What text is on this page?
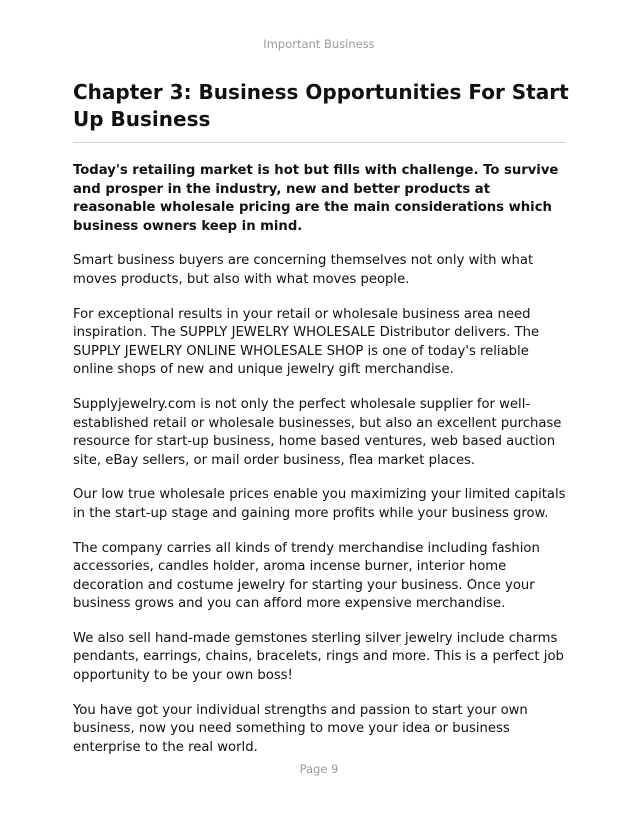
Important Business
Chapter 3: Business Opportunities For Start Up Business

Today's retailing market is hot but fills with challenge. To survive and prosper in the industry, new and better products at reasonable wholesale pricing are the main considerations which business owners keep in mind.

Smart business buyers are concerning themselves not only with what moves products, but also with what moves people.

For exceptional results in your retail or wholesale business area need inspiration. The SUPPLY JEWELRY WHOLESALE Distributor delivers. The SUPPLY JEWELRY ONLINE WHOLESALE SHOP is one of today's reliable online shops of new and unique jewelry gift merchandise.

Supplyjewelry.com is not only the perfect wholesale supplier for well-established retail or wholesale businesses, but also an excellent purchase resource for start-up business, home based ventures, web based auction site, eBay sellers, or mail order business, flea market places.

Our low true wholesale prices enable you maximizing your limited capitals in the start-up stage and gaining more profits while your business grow.

The company carries all kinds of trendy merchandise including fashion accessories, candles holder, aroma incense burner, interior home decoration and costume jewelry for starting your business. Once your business grows and you can afford more expensive merchandise.

We also sell hand-made gemstones sterling silver jewelry include charms pendants, earrings, chains, bracelets, rings and more. This is a perfect job opportunity to be your own boss!

You have got your individual strengths and passion to start your own business, now you need something to move your idea or business enterprise to the real world.

Page 9
